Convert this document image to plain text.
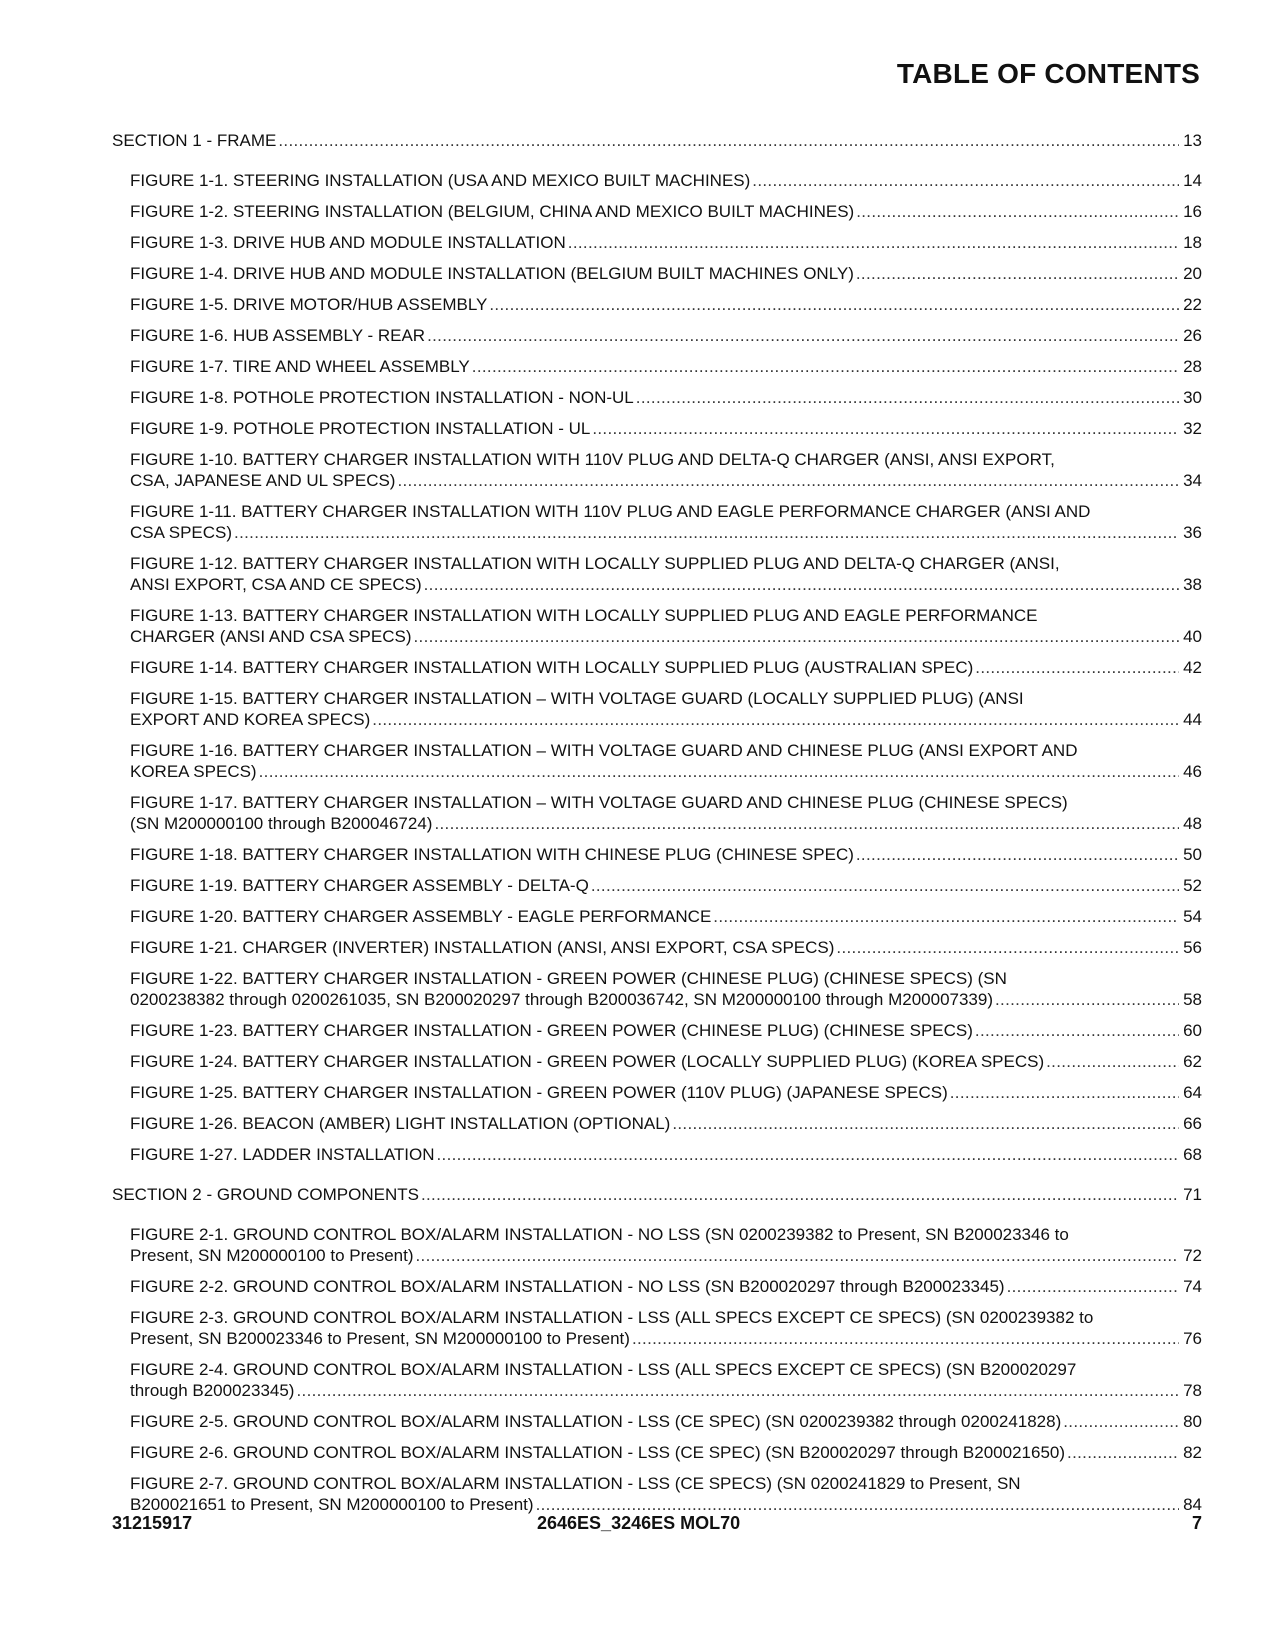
TABLE OF CONTENTS
SECTION 1 - FRAME . . .	13
FIGURE 1-1. STEERING INSTALLATION (USA AND MEXICO BUILT MACHINES) . . .	14
FIGURE 1-2. STEERING INSTALLATION (BELGIUM, CHINA AND MEXICO BUILT MACHINES) . . .	16
FIGURE 1-3. DRIVE HUB AND MODULE INSTALLATION . . .	18
FIGURE 1-4. DRIVE HUB AND MODULE INSTALLATION (BELGIUM BUILT MACHINES ONLY) . . .	20
FIGURE 1-5. DRIVE MOTOR/HUB ASSEMBLY . . .	22
FIGURE 1-6. HUB ASSEMBLY - REAR . . .	26
FIGURE 1-7. TIRE AND WHEEL ASSEMBLY . . .	28
FIGURE 1-8. POTHOLE PROTECTION INSTALLATION - NON-UL . . .	30
FIGURE 1-9. POTHOLE PROTECTION INSTALLATION - UL . . .	32
FIGURE 1-10. BATTERY CHARGER INSTALLATION WITH 110V PLUG AND DELTA-Q CHARGER (ANSI, ANSI EXPORT,
CSA, JAPANESE AND UL SPECS) . . .	34
FIGURE 1-11. BATTERY CHARGER INSTALLATION WITH 110V PLUG AND EAGLE PERFORMANCE CHARGER (ANSI AND
CSA SPECS) . . .	36
FIGURE 1-12. BATTERY CHARGER INSTALLATION WITH LOCALLY SUPPLIED PLUG AND DELTA-Q CHARGER (ANSI,
ANSI EXPORT, CSA AND CE SPECS) . . .	38
FIGURE 1-13. BATTERY CHARGER INSTALLATION WITH LOCALLY SUPPLIED PLUG AND EAGLE PERFORMANCE
CHARGER (ANSI AND CSA SPECS) . . .	40
FIGURE 1-14. BATTERY CHARGER INSTALLATION WITH LOCALLY SUPPLIED PLUG (AUSTRALIAN SPEC) . . .	42
FIGURE 1-15. BATTERY CHARGER INSTALLATION – WITH VOLTAGE GUARD (LOCALLY SUPPLIED PLUG) (ANSI
EXPORT AND KOREA SPECS) . . .	44
FIGURE 1-16. BATTERY CHARGER INSTALLATION – WITH VOLTAGE GUARD AND CHINESE PLUG (ANSI EXPORT AND
KOREA SPECS) . . .	46
FIGURE 1-17. BATTERY CHARGER INSTALLATION – WITH VOLTAGE GUARD AND CHINESE PLUG (CHINESE SPECS)
(SN M200000100 through B200046724) . . .	48
FIGURE 1-18. BATTERY CHARGER INSTALLATION WITH CHINESE PLUG (CHINESE SPEC) . . .	50
FIGURE 1-19. BATTERY CHARGER ASSEMBLY - DELTA-Q . . .	52
FIGURE 1-20. BATTERY CHARGER ASSEMBLY - EAGLE PERFORMANCE . . .	54
FIGURE 1-21. CHARGER (INVERTER) INSTALLATION (ANSI, ANSI EXPORT, CSA SPECS) . . .	56
FIGURE 1-22. BATTERY CHARGER INSTALLATION - GREEN POWER (CHINESE PLUG) (CHINESE SPECS) (SN
0200238382 through 0200261035, SN B200020297 through B200036742, SN M200000100 through M200007339) . . .	58
FIGURE 1-23. BATTERY CHARGER INSTALLATION - GREEN POWER (CHINESE PLUG) (CHINESE SPECS) . . .	60
FIGURE 1-24. BATTERY CHARGER INSTALLATION - GREEN POWER (LOCALLY SUPPLIED PLUG) (KOREA SPECS) . . .	62
FIGURE 1-25. BATTERY CHARGER INSTALLATION - GREEN POWER (110V PLUG) (JAPANESE SPECS) . . .	64
FIGURE 1-26. BEACON (AMBER) LIGHT INSTALLATION (OPTIONAL) . . .	66
FIGURE 1-27. LADDER INSTALLATION . . .	68
SECTION 2 - GROUND COMPONENTS . . .	71
FIGURE 2-1. GROUND CONTROL BOX/ALARM INSTALLATION - NO LSS (SN 0200239382 to Present, SN B200023346 to
Present, SN M200000100 to Present) . . .	72
FIGURE 2-2. GROUND CONTROL BOX/ALARM INSTALLATION - NO LSS (SN B200020297 through B200023345) . . .	74
FIGURE 2-3. GROUND CONTROL BOX/ALARM INSTALLATION - LSS (ALL SPECS EXCEPT CE SPECS) (SN 0200239382 to
Present, SN B200023346 to Present, SN M200000100 to Present) . . .	76
FIGURE 2-4. GROUND CONTROL BOX/ALARM INSTALLATION - LSS (ALL SPECS EXCEPT CE SPECS) (SN B200020297
through B200023345) . . .	78
FIGURE 2-5. GROUND CONTROL BOX/ALARM INSTALLATION - LSS (CE SPEC) (SN 0200239382 through 0200241828) . . .	80
FIGURE 2-6. GROUND CONTROL BOX/ALARM INSTALLATION - LSS (CE SPEC) (SN B200020297 through B200021650) . . .	82
FIGURE 2-7. GROUND CONTROL BOX/ALARM INSTALLATION - LSS (CE SPECS) (SN 0200241829 to Present, SN
B200021651 to Present, SN M200000100 to Present) . . .	84
31215917	2646ES_3246ES MOL70	7
